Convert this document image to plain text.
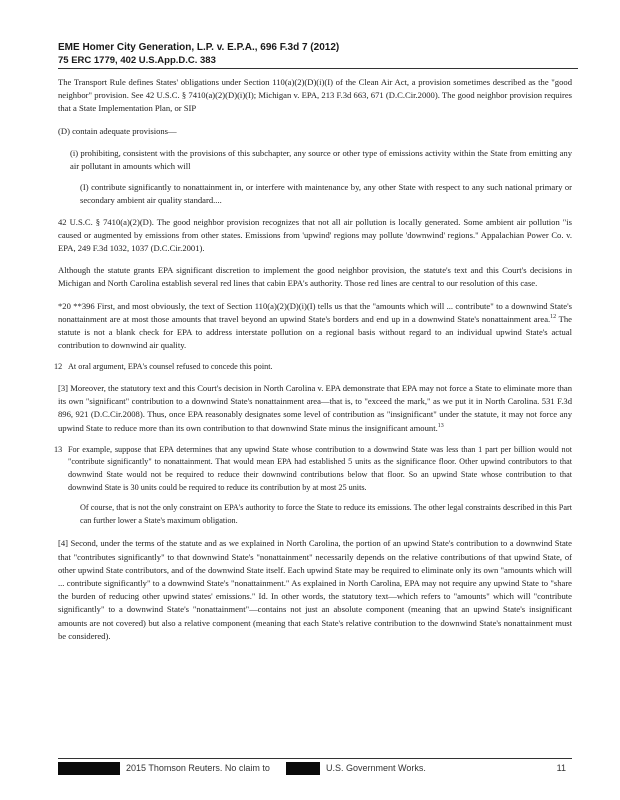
EME Homer City Generation, L.P. v. E.P.A., 696 F.3d 7 (2012)
75 ERC 1779, 402 U.S.App.D.C. 383

The Transport Rule defines States' obligations under Section 110(a)(2)(D)(i)(I) of the Clean Air Act, a provision sometimes described as the "good neighbor" provision. See 42 U.S.C. § 7410(a)(2)(D)(i)(I); Michigan v. EPA, 213 F.3d 663, 671 (D.C.Cir.2000). The good neighbor provision requires that a State Implementation Plan, or SIP

(D) contain adequate provisions—

(i) prohibiting, consistent with the provisions of this subchapter, any source or other type of emissions activity within the State from emitting any air pollutant in amounts which will

(I) contribute significantly to nonattainment in, or interfere with maintenance by, any other State with respect to any such national primary or secondary ambient air quality standard....

42 U.S.C. § 7410(a)(2)(D). The good neighbor provision recognizes that not all air pollution is locally generated. Some ambient air pollution "is caused or augmented by emissions from other states. Emissions from 'upwind' regions may pollute 'downwind' regions." Appalachian Power Co. v. EPA, 249 F.3d 1032, 1037 (D.C.Cir.2001).

Although the statute grants EPA significant discretion to implement the good neighbor provision, the statute's text and this Court's decisions in Michigan and North Carolina establish several red lines that cabin EPA's authority. Those red lines are central to our resolution of this case.

*20 **396 First, and most obviously, the text of Section 110(a)(2)(D)(i)(I) tells us that the "amounts which will ... contribute" to a downwind State's nonattainment are at most those amounts that travel beyond an upwind State's borders and end up in a downwind State's nonattainment area.$^{12}$ The statute is not a blank check for EPA to address interstate pollution on a regional basis without regard to an individual upwind State's actual contribution to downwind air quality.

12 At oral argument, EPA's counsel refused to concede this point.

[3] Moreover, the statutory text and this Court's decision in North Carolina v. EPA demonstrate that EPA may not force a State to eliminate more than its own "significant" contribution to a downwind State's nonattainment area—that is, to "exceed the mark," as we put it in North Carolina. 531 F.3d 896, 921 (D.C.Cir.2008). Thus, once EPA reasonably designates some level of contribution as "insignificant" under the statute, it may not force any upwind State to reduce more than its own contribution to that downwind State minus the insignificant amount.$^{13}$

13 For example, suppose that EPA determines that any upwind State whose contribution to a downwind State was less than 1 part per billion would not "contribute significantly" to nonattainment. That would mean EPA had established 5 units as the significance floor. Other upwind contributors to that downwind State would not be required to reduce their downwind contributions below that floor. So an upwind State whose contribution to that downwind State is 30 units could be required to reduce its contribution by at most 25 units.
Of course, that is not the only constraint on EPA's authority to force the State to reduce its emissions. The other legal constraints described in this Part can further lower a State's maximum obligation.

[4] Second, under the terms of the statute and as we explained in North Carolina, the portion of an upwind State's contribution to a downwind State that "contributes significantly" to that downwind State's "nonattainment" necessarily depends on the relative contributions of that upwind State, of other upwind State contributors, and of the downwind State itself. Each upwind State may be required to eliminate only its own "amounts which will ... contribute significantly" to a downwind State's "nonattainment." As explained in North Carolina, EPA may not require any upwind State to "share the burden of reducing other upwind states' emissions." Id. In other words, the statutory text—which refers to "amounts" which will "contribute significantly" to a downwind State's "nonattainment"—contains not just an absolute component (meaning that an upwind State's insignificant amounts are not covered) but also a relative component (meaning that each State's relative contribution to the downwind State's nonattainment must be considered).

2015 Thomson Reuters. No claim to	U.S. Government Works.	11
